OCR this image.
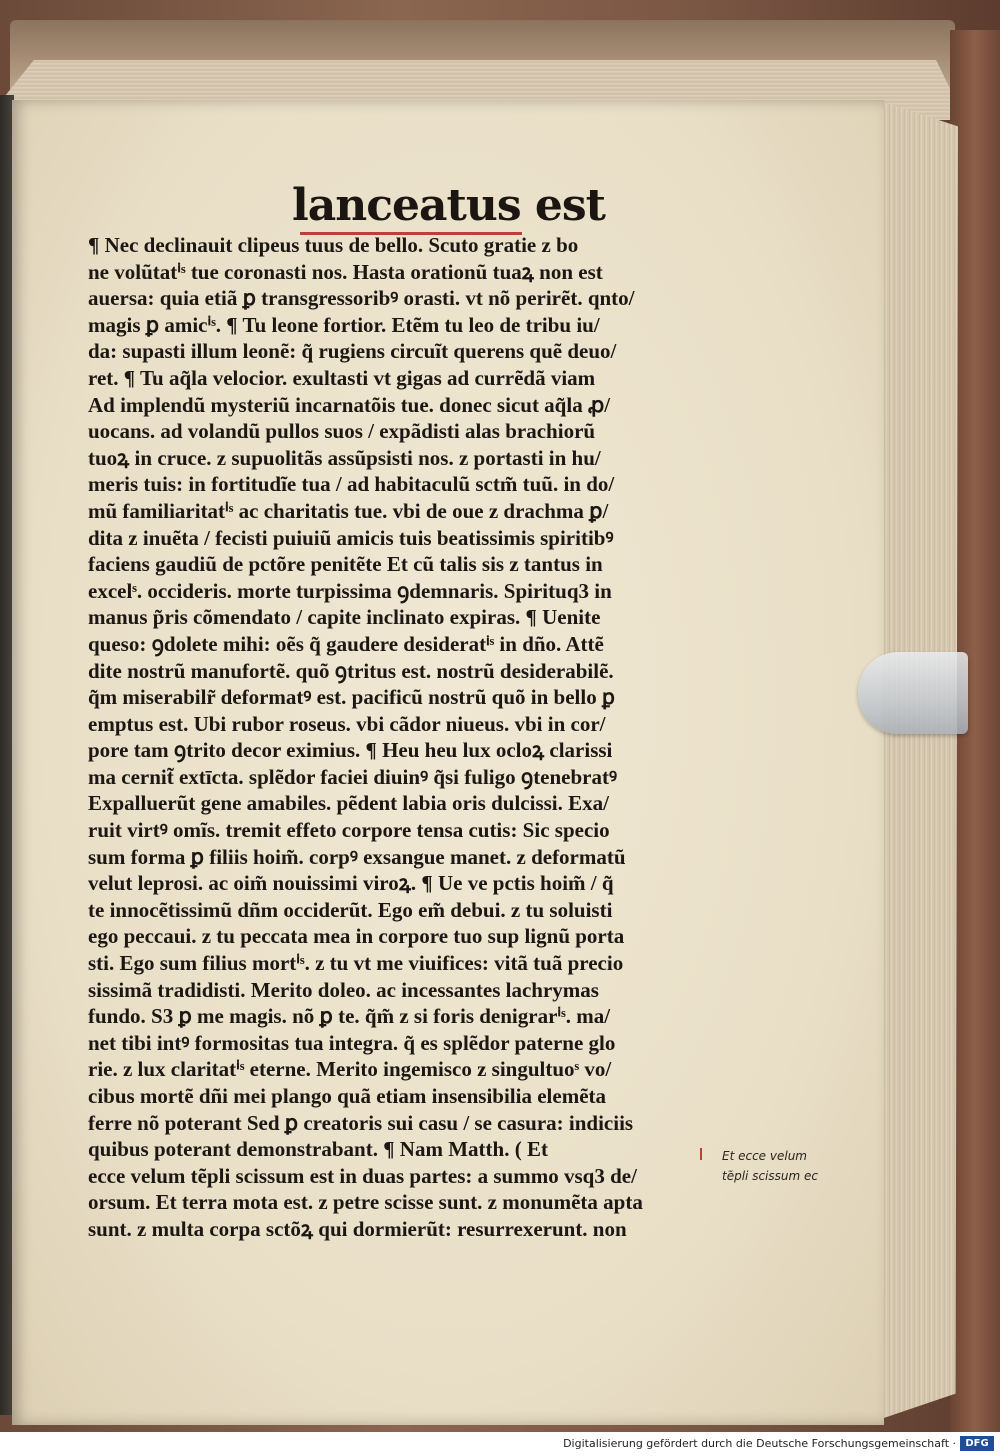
lanceatus est
¶ Nec declinauit clipeus tuus de bello. Scuto gratie z bo
ne volũtatⁱˢ tue coronasti nos. Hasta orationũ tuaꝝ non est
auersa: quia etiã ꝑ transgressoribꝰ orasti. vt nõ perirẽt. qnto/
magis ꝑ amicⁱˢ. ¶ Tu leone fortior. Etẽm tu leo de tribu iu/
da: supasti illum leonẽ: q̃ rugiens circuĩt querens quẽ deuo/
ret. ¶ Tu aq̃la velocior. exultasti vt gigas ad currẽdã viam
Ad implendũ mysteriũ incarnatõis tue. donec sicut aq̃la ꝓ/
uocans. ad volandũ pullos suos / expãdisti alas brachiorũ
tuoꝝ in cruce. z supuolitãs assũpsisti nos. z portasti in hu/
meris tuis: in fortitudĩe tua / ad habitaculũ sctm̃ tuũ. in do/
mũ familiaritatⁱˢ ac charitatis tue. vbi de oue z drachma ꝑ/
dita z inuẽta / fecisti puiuiũ amicis tuis beatissimis spiritibꝰ
faciens gaudiũ de pctõre penitẽte Et cũ talis sis z tantus in
excelˢ. occideris. morte turpissima ꝯdemnaris. Spirituq3 in
manus p̃ris cõmendato / capite inclinato expiras. ¶ Uenite
queso: ꝯdolete mihi: oẽs q̃ gaudere desideratⁱˢ in dño. Attẽ
dite nostrũ manufortẽ. quõ ꝯtritus est. nostrũ desiderabilẽ.
q̃m miserabilr̃ deformatꝰ est. pacificũ nostrũ quõ in bello ꝑ
emptus est. Ubi rubor roseus. vbi cãdor niueus. vbi in cor/
pore tam ꝯtrito decor eximius. ¶ Heu heu lux ocloꝝ clarissi
ma cernit̃ extīcta. splẽdor faciei diuinꝰ q̃si fuligo ꝯtenebratꝰ
Expalluerũt gene amabiles. pẽdent labia oris dulcissi. Exa/
ruit virtꝰ omĩs. tremit effeto corpore tensa cutis: Sic specio
sum forma ꝑ filiis hoim̃. corpꝰ exsangue manet. z deformatũ
velut leprosi. ac oim̃ nouissimi viroꝝ. ¶ Ue ve pctis hoim̃ / q̃
te innocẽtissimũ dñm occiderũt. Ego em̃ debui. z tu soluisti
ego peccaui. z tu peccata mea in corpore tuo sup lignũ porta
sti. Ego sum filius mortⁱˢ. z tu vt me viuifices: vitã tuã precio
sissimã tradidisti. Merito doleo. ac incessantes lachrymas
fundo. S3 ꝑ me magis. nõ ꝑ te. q̃m̃ z si foris denigrarⁱˢ. ma/
net tibi intꝰ formositas tua integra. q̃ es splẽdor paterne glo
rie. z lux claritatⁱˢ eterne. Merito ingemisco z singultuoˢ vo/
cibus mortẽ dñi mei plango quã etiam insensibilia elemẽta
ferre nõ poterant Sed ꝑ creatoris sui casu / se casura: indiciis
quibus poterant demonstrabant. ¶ Nam Matth. ( Et
ecce velum tẽpli scissum est in duas partes: a summo vsq3 de/
orsum. Et terra mota est. z petre scisse sunt. z monumẽta apta
sunt. z multa corpa sctõꝝ qui dormierũt: resurrexerunt. non
Et ecce velum
tẽpli scissum ec
Digitalisierung gefördert durch die Deutsche Forschungsgemeinschaft · DFG
